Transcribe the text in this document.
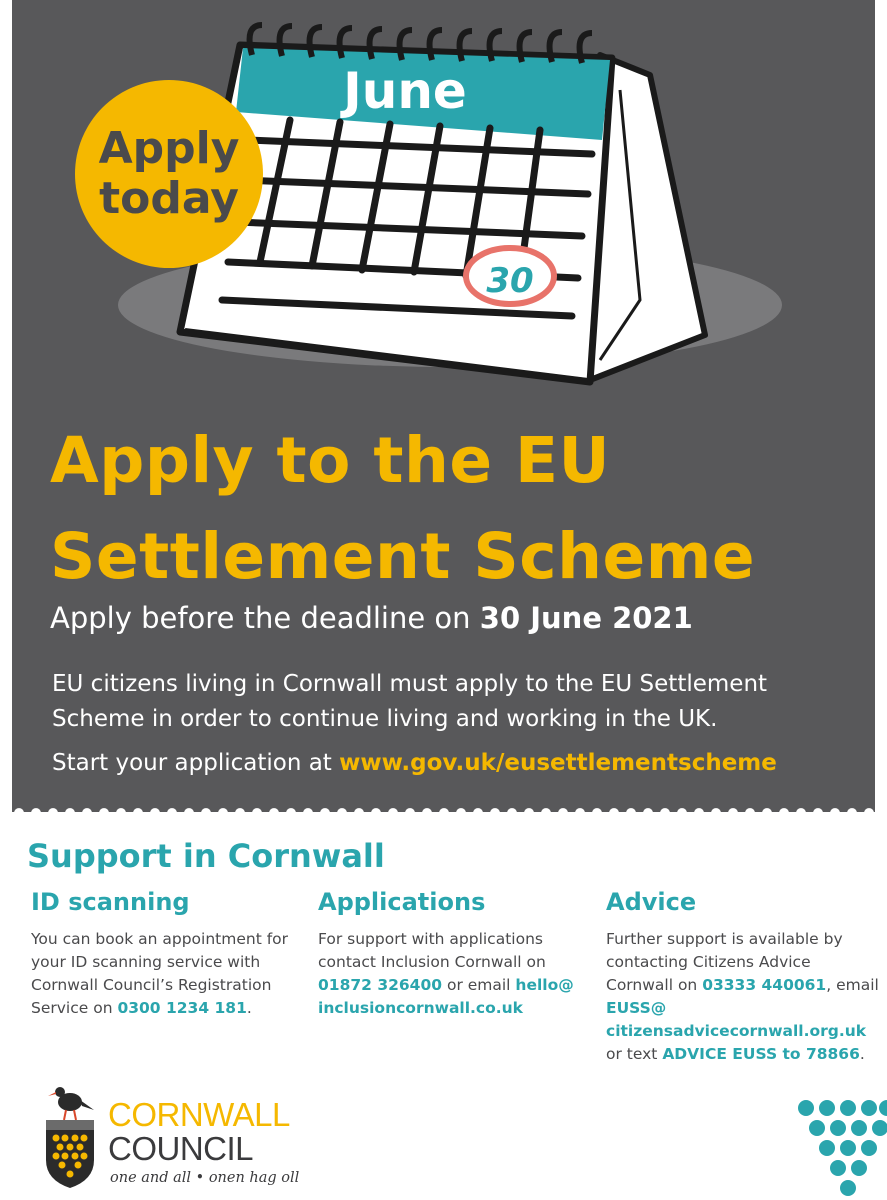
June
30
Apply
today
Apply to the EU
Settlement Scheme
Apply before the deadline on 30 June 2021

EU citizens living in Cornwall must apply to the EU Settlement Scheme in order to continue living and working in the UK.

Start your application at www.gov.uk/eusettlementscheme
Support in Cornwall
ID scanning

You can book an appointment for your ID scanning service with Cornwall Council’s Registration Service on 0300 1234 181.

Applications

For support with applications contact Inclusion Cornwall on 01872 326400 or email hello@ inclusioncornwall.co.uk

Advice

Further support is available by contacting Citizens Advice Cornwall on 03333 440061, email EUSS@ citizensadvicecornwall.org.uk or text ADVICE EUSS to 78866.

CORNWALL
COUNCIL
one and all • onen hag oll
